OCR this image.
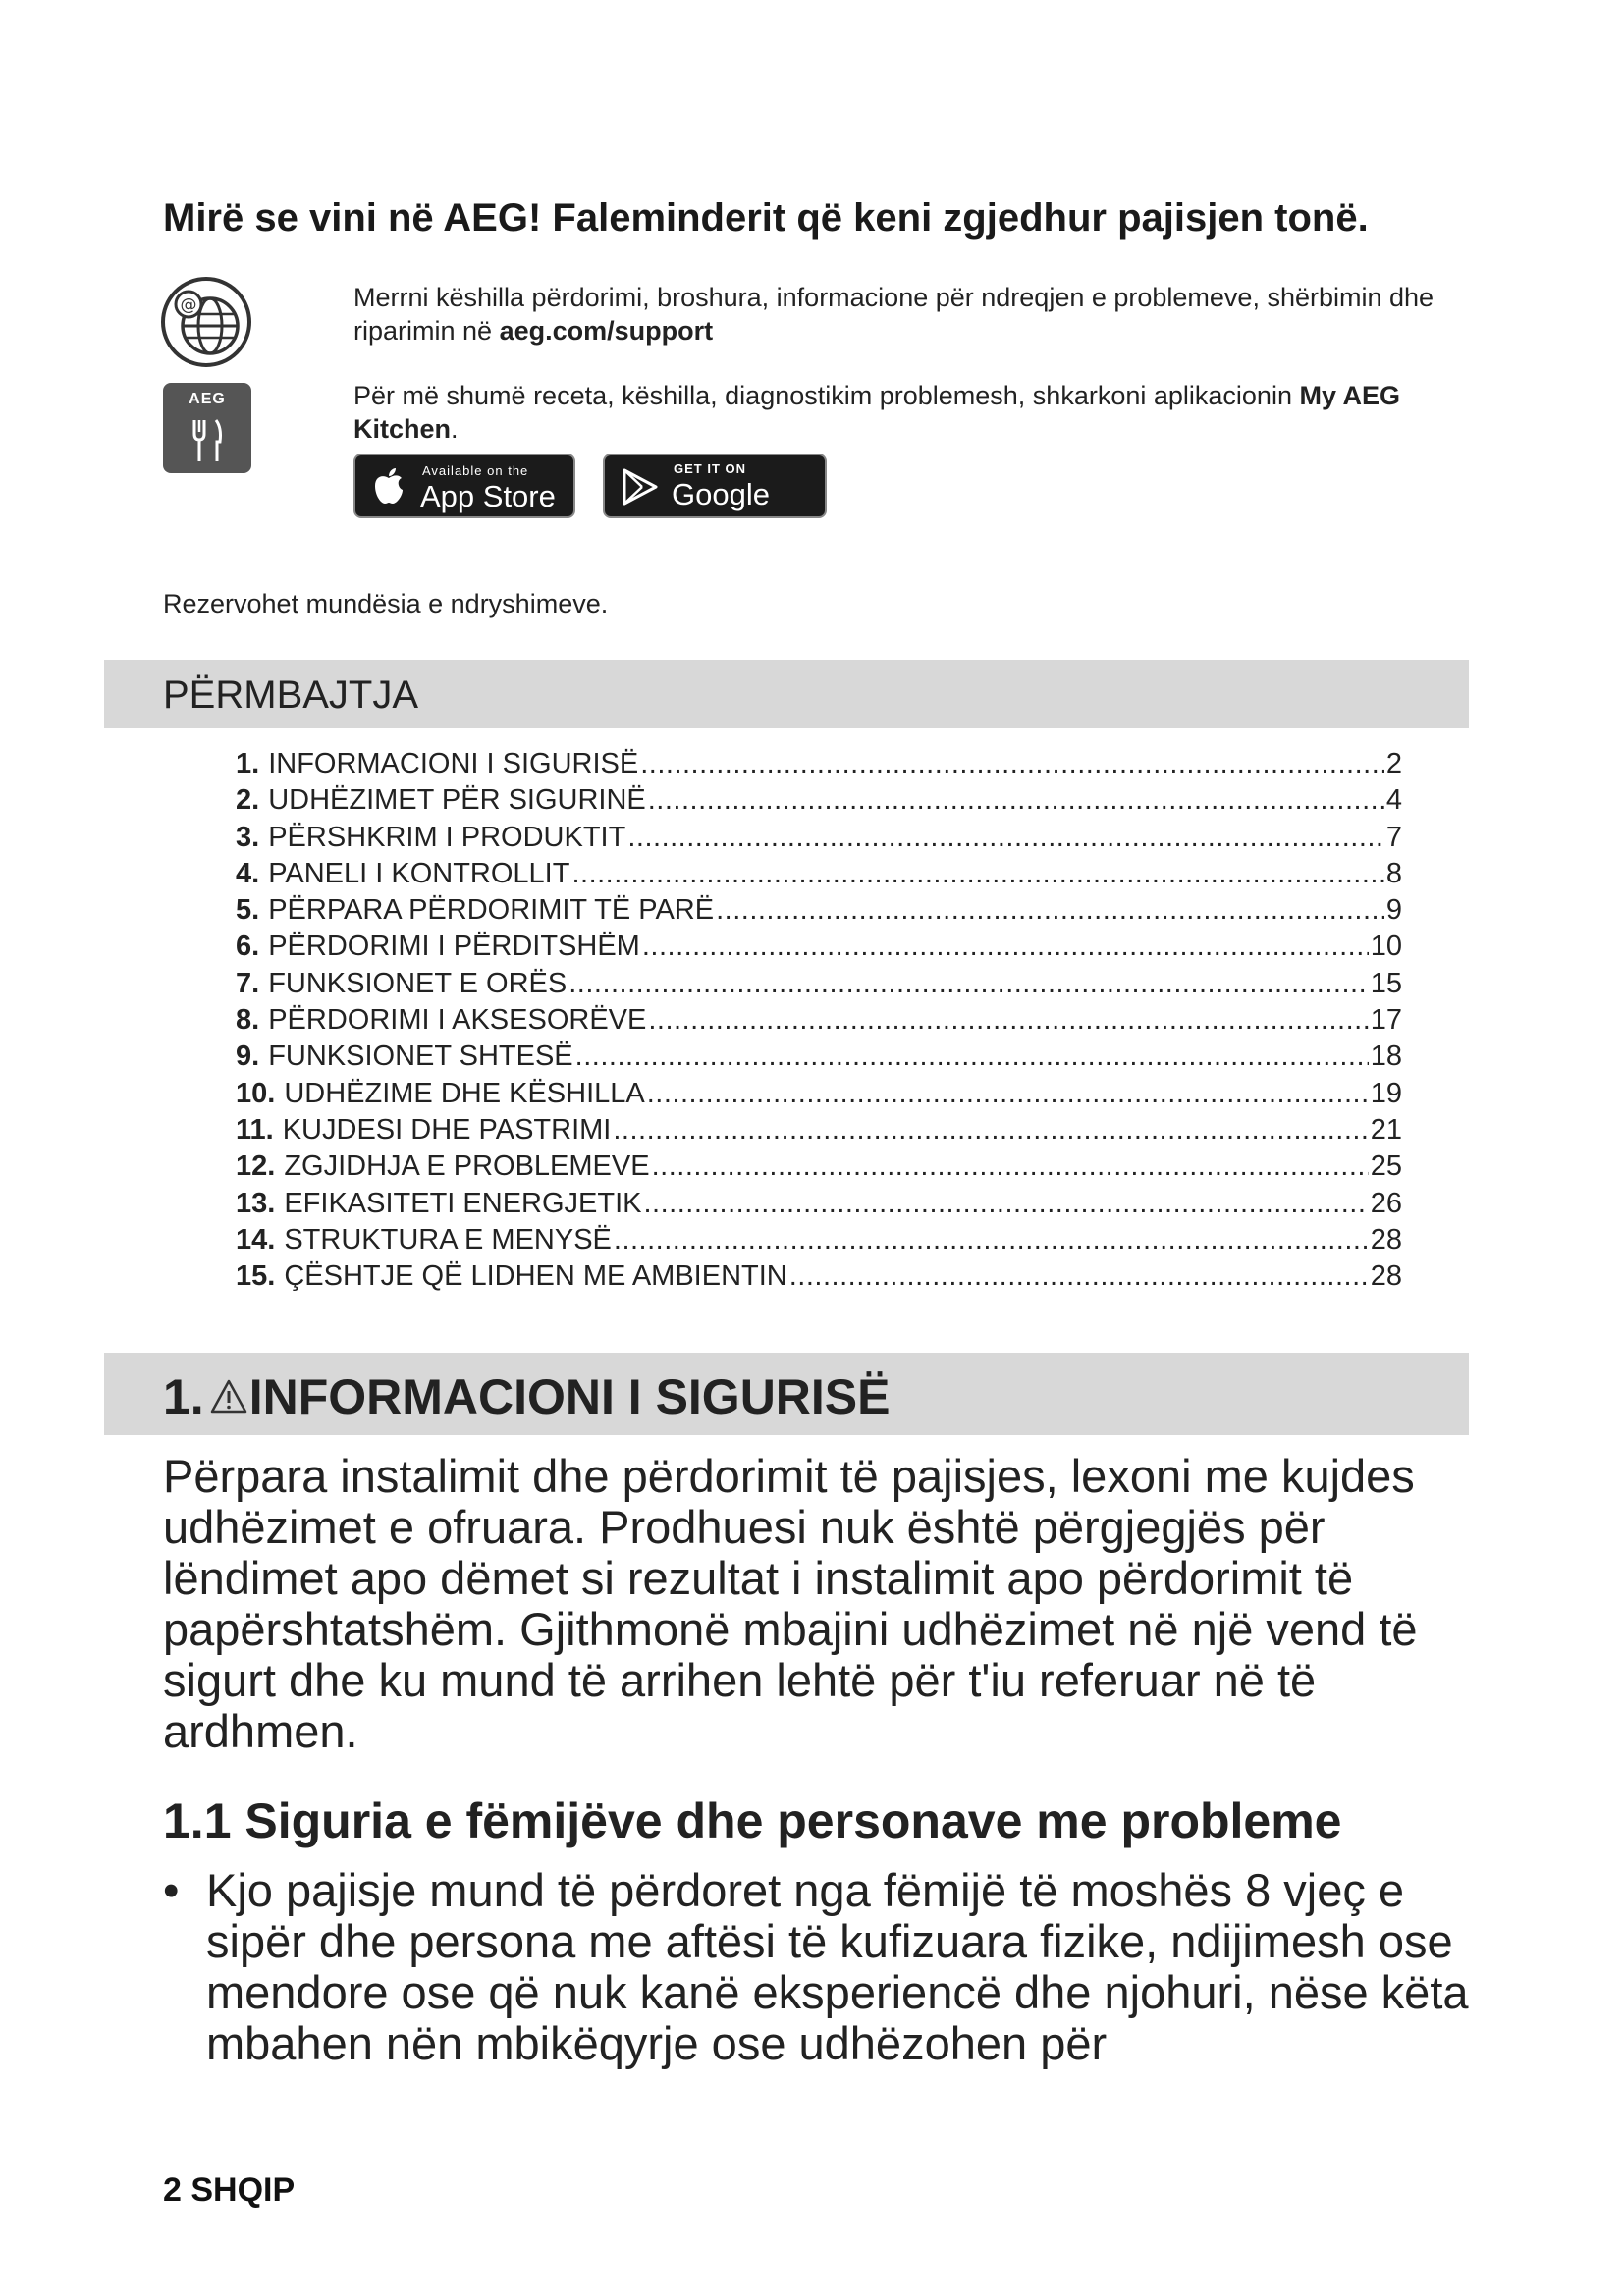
Mirë se vini në AEG! Faleminderit që keni zgjedhur pajisjen tonë.
@	Merrni këshilla përdorimi, broshura, informacione për ndreqjen e problemeve, shërbimin dhe riparimin në aeg.com/support
AEG	Për më shumë receta, këshilla, diagnostikim problemesh, shkarkoni aplikacionin My AEG Kitchen.
Available on the
App Store
GET IT ON
Google Play
Rezervohet mundësia e ndryshimeve.
PËRMBAJTJA
1. INFORMACIONI I SIGURISË .....	2
2. UDHËZIMET PËR SIGURINË .....	4
3. PËRSHKRIM I PRODUKTIT .....	7
4. PANELI I KONTROLLIT .....	8
5. PËRPARA PËRDORIMIT TË PARË .....	9
6. PËRDORIMI I PËRDITSHËM .....	10
7. FUNKSIONET E ORËS .....	15
8. PËRDORIMI I AKSESORËVE .....	17
9. FUNKSIONET SHTESË .....	18
10. UDHËZIME DHE KËSHILLA .....	19
11. KUJDESI DHE PASTRIMI .....	21
12. ZGJIDHJA E PROBLEMEVE .....	25
13. EFIKASITETI ENERGJETIK .....	26
14. STRUKTURA E MENYSË .....	28
15. ÇËSHTJE QË LIDHEN ME AMBIENTIN .....	28
1. INFORMACIONI I SIGURISË

Përpara instalimit dhe përdorimit të pajisjes, lexoni me kujdes udhëzimet e ofruara. Prodhuesi nuk është përgjegjës për lëndimet apo dëmet si rezultat i instalimit apo përdorimit të papërshtatshëm. Gjithmonë mbajini udhëzimet në një vend të sigurt dhe ku mund të arrihen lehtë për t'iu referuar në të ardhmen.

1.1 Siguria e fëmijëve dhe personave me probleme
• Kjo pajisje mund të përdoret nga fëmijë të moshës 8 vjeç e sipër dhe persona me aftësi të kufizuara fizike, ndijimesh ose mendore ose që nuk kanë eksperiencë dhe njohuri, nëse këta mbahen nën mbikëqyrje ose udhëzohen për
2 SHQIP
